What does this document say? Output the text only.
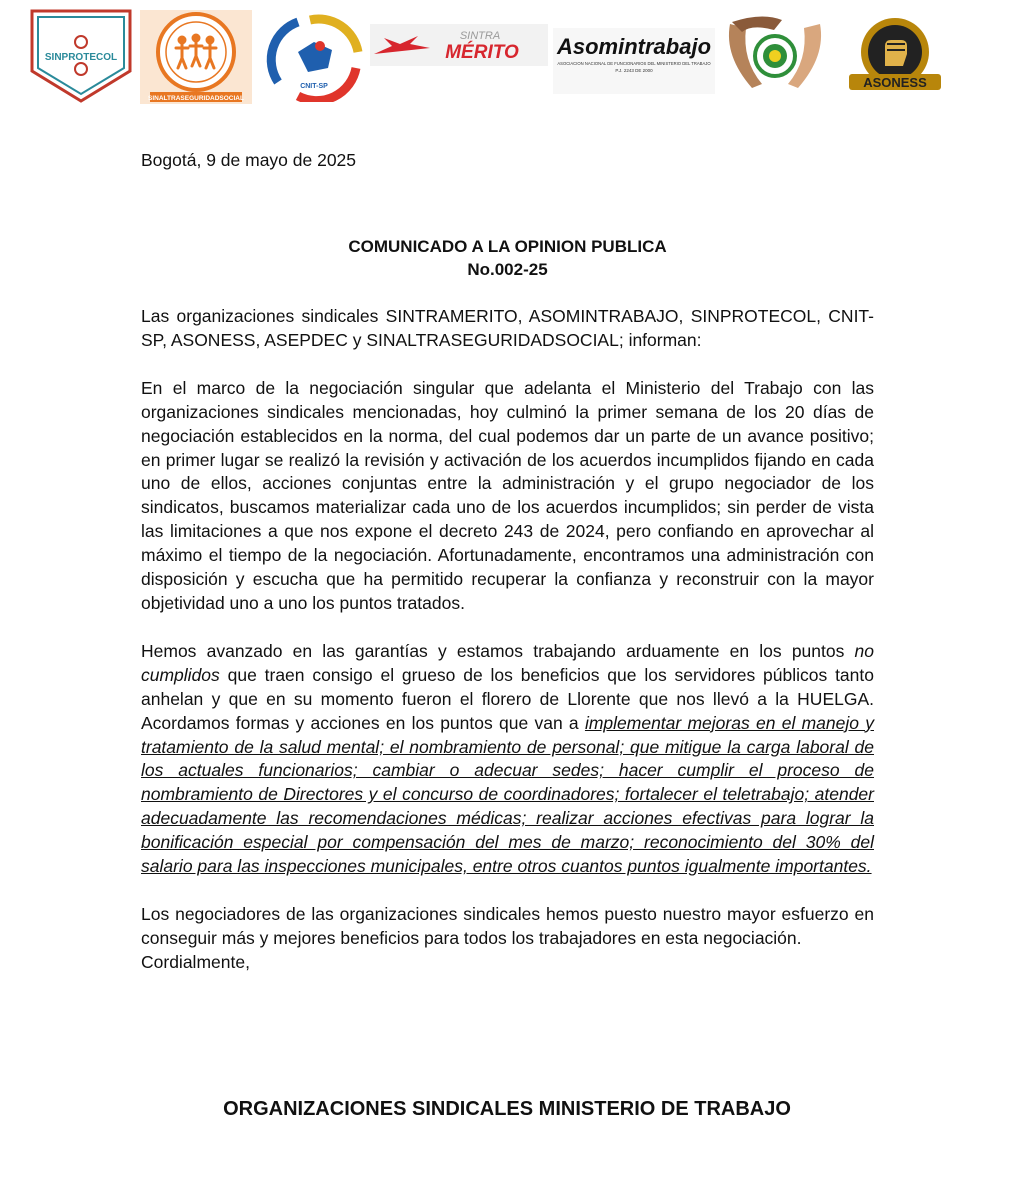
SINPROTECOL
SINALTRASEGURIDADSOCIAL
CNIT-SP
SINTRA
MÉRITO Asomintrabajo
ASOCIACION NACIONAL DE FUNCIONARIOS DEL MINISTERIO DEL TRABAJO
P.J. 2243 DE 2000
ASONESS

Bogotá, 9 de mayo de 2025

COMUNICADO A LA OPINION PUBLICA
No.002-25

Las organizaciones sindicales SINTRAMERITO, ASOMINTRABAJO, SINPROTECOL, CNIT-SP, ASONESS, ASEPDEC y SINALTRASEGURIDADSOCIAL; informan:

En el marco de la negociación singular que adelanta el Ministerio del Trabajo con las organizaciones sindicales mencionadas, hoy culminó la primer semana de los 20 días de negociación establecidos en la norma, del cual podemos dar un parte de un avance positivo; en primer lugar se realizó la revisión y activación de los acuerdos incumplidos fijando en cada uno de ellos, acciones conjuntas entre la administración y el grupo negociador de los sindicatos, buscamos materializar cada uno de los acuerdos incumplidos; sin perder de vista las limitaciones a que nos expone el decreto 243 de 2024, pero confiando en aprovechar al máximo el tiempo de la negociación. Afortunadamente, encontramos una administración con disposición y escucha que ha permitido recuperar la confianza y reconstruir con la mayor objetividad uno a uno los puntos tratados.

Hemos avanzado en las garantías y estamos trabajando arduamente en los puntos no cumplidos que traen consigo el grueso de los beneficios que los servidores públicos tanto anhelan y que en su momento fueron el florero de Llorente que nos llevó a la HUELGA. Acordamos formas y acciones en los puntos que van a implementar mejoras en el manejo y tratamiento de la salud mental; el nombramiento de personal; que mitigue la carga laboral de los actuales funcionarios; cambiar o adecuar sedes; hacer cumplir el proceso de nombramiento de Directores y el concurso de coordinadores; fortalecer el teletrabajo; atender adecuadamente las recomendaciones médicas; realizar acciones efectivas para lograr la bonificación especial por compensación del mes de marzo; reconocimiento del 30% del salario para las inspecciones municipales, entre otros cuantos puntos igualmente importantes.

Los negociadores de las organizaciones sindicales hemos puesto nuestro mayor esfuerzo en conseguir más y mejores beneficios para todos los trabajadores en esta negociación.

Cordialmente,

ORGANIZACIONES SINDICALES MINISTERIO DE TRABAJO
